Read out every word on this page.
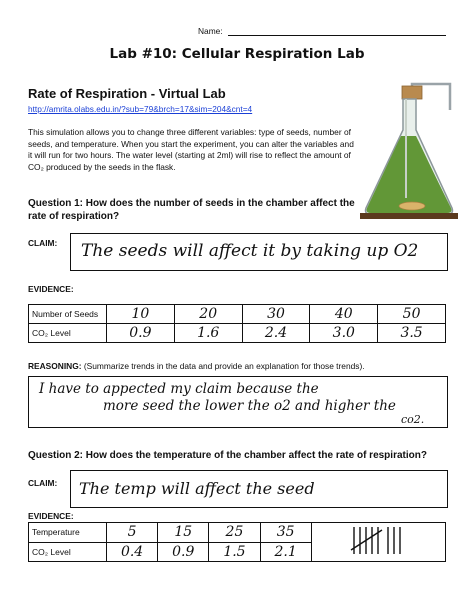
Name:
Lab #10: Cellular Respiration Lab
Rate of Respiration - Virtual Lab
http://amrita.olabs.edu.in/?sub=79&brch=17&sim=204&cnt=4
This simulation allows you to change three different variables: type of seeds, number of seeds, and temperature. When you start the experiment, you can alter the variables and it will run for two hours. The water level (starting at 2ml) will rise to reflect the amount of CO₂ produced by the seeds in the flask.
Question 1: How does the number of seeds in the chamber affect the rate of respiration?
CLAIM: The seeds will affect it by taking up O2
EVIDENCE:
Number of Seeds	10	20	30	40	50
CO₂ Level	0.9	1.6	2.4	3.0	3.5
REASONING: (Summarize trends in the data and provide an explanation for those trends).
I have to appected my claim because the
more seed the lower the o2 and higher the
co2.
Question 2: How does the temperature of the chamber affect the rate of respiration?
CLAIM: The temp will affect the seed
EVIDENCE:
Temperature	5	15	25	35	
CO₂ Level	0.4	0.9	1.5	2.1	
